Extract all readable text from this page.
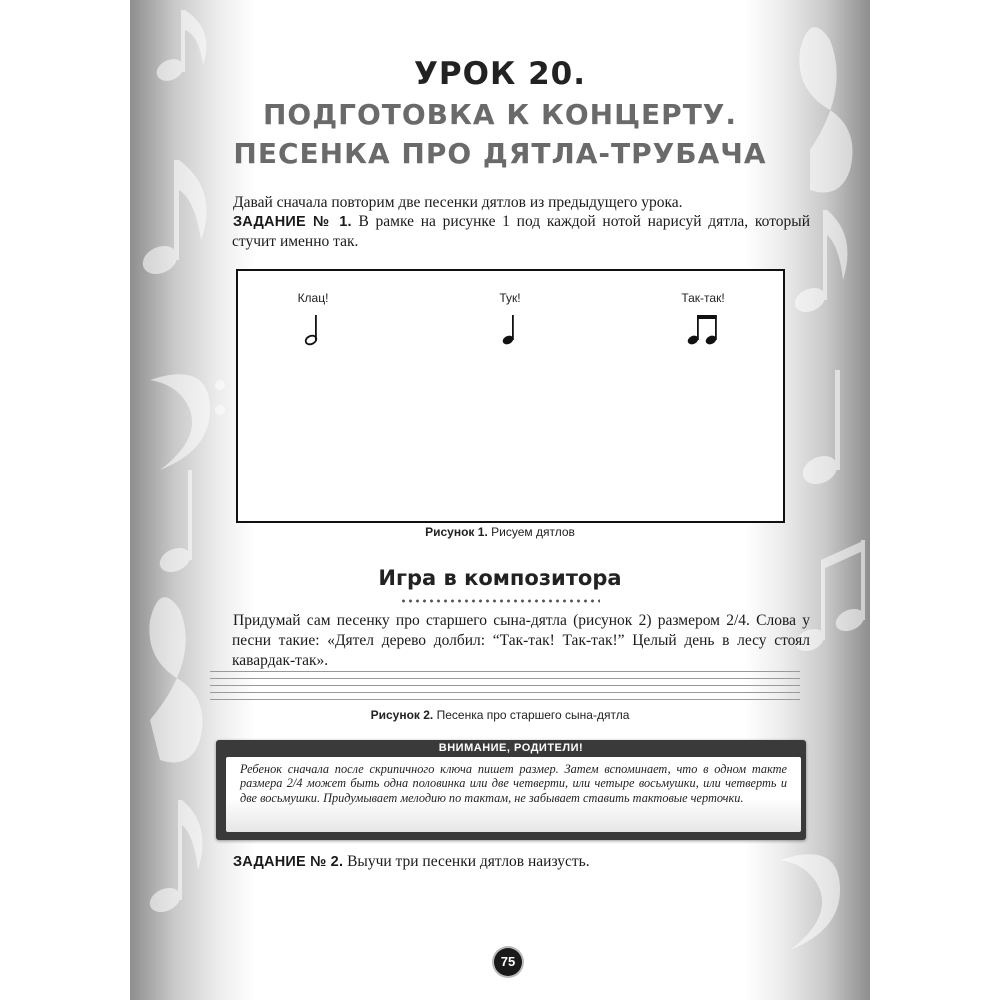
УРОК 20.
ПОДГОТОВКА К КОНЦЕРТУ.
ПЕСЕНКА ПРО ДЯТЛА-ТРУБАЧА

Давай сначала повторим две песенки дятлов из предыдущего урока.

ЗАДАНИЕ № 1. В рамке на рисунке 1 под каждой нотой нарисуй дятла, который стучит именно так.

Клац!	Тук!	Так-так!

Рисунок 1. Рисуем дятлов

Игра в композитора

Придумай сам песенку про старшего сына-дятла (рисунок 2) размером 2/4. Слова у песни такие: «Дятел дерево долбил: “Так-так! Так-так!” Целый день в лесу стоял кавардак-так».

Рисунок 2. Песенка про старшего сына-дятла

ВНИМАНИЕ, РОДИТЕЛИ!

Ребенок сначала после скрипичного ключа пишет размер. Затем вспоминает, что в одном такте размера 2/4 может быть одна половинка или две четверти, или четыре восьмушки, или четверть и две восьмушки. Придумывает мелодию по тактам, не забывает ставить тактовые черточки.

ЗАДАНИЕ № 2. Выучи три песенки дятлов наизусть.

75
